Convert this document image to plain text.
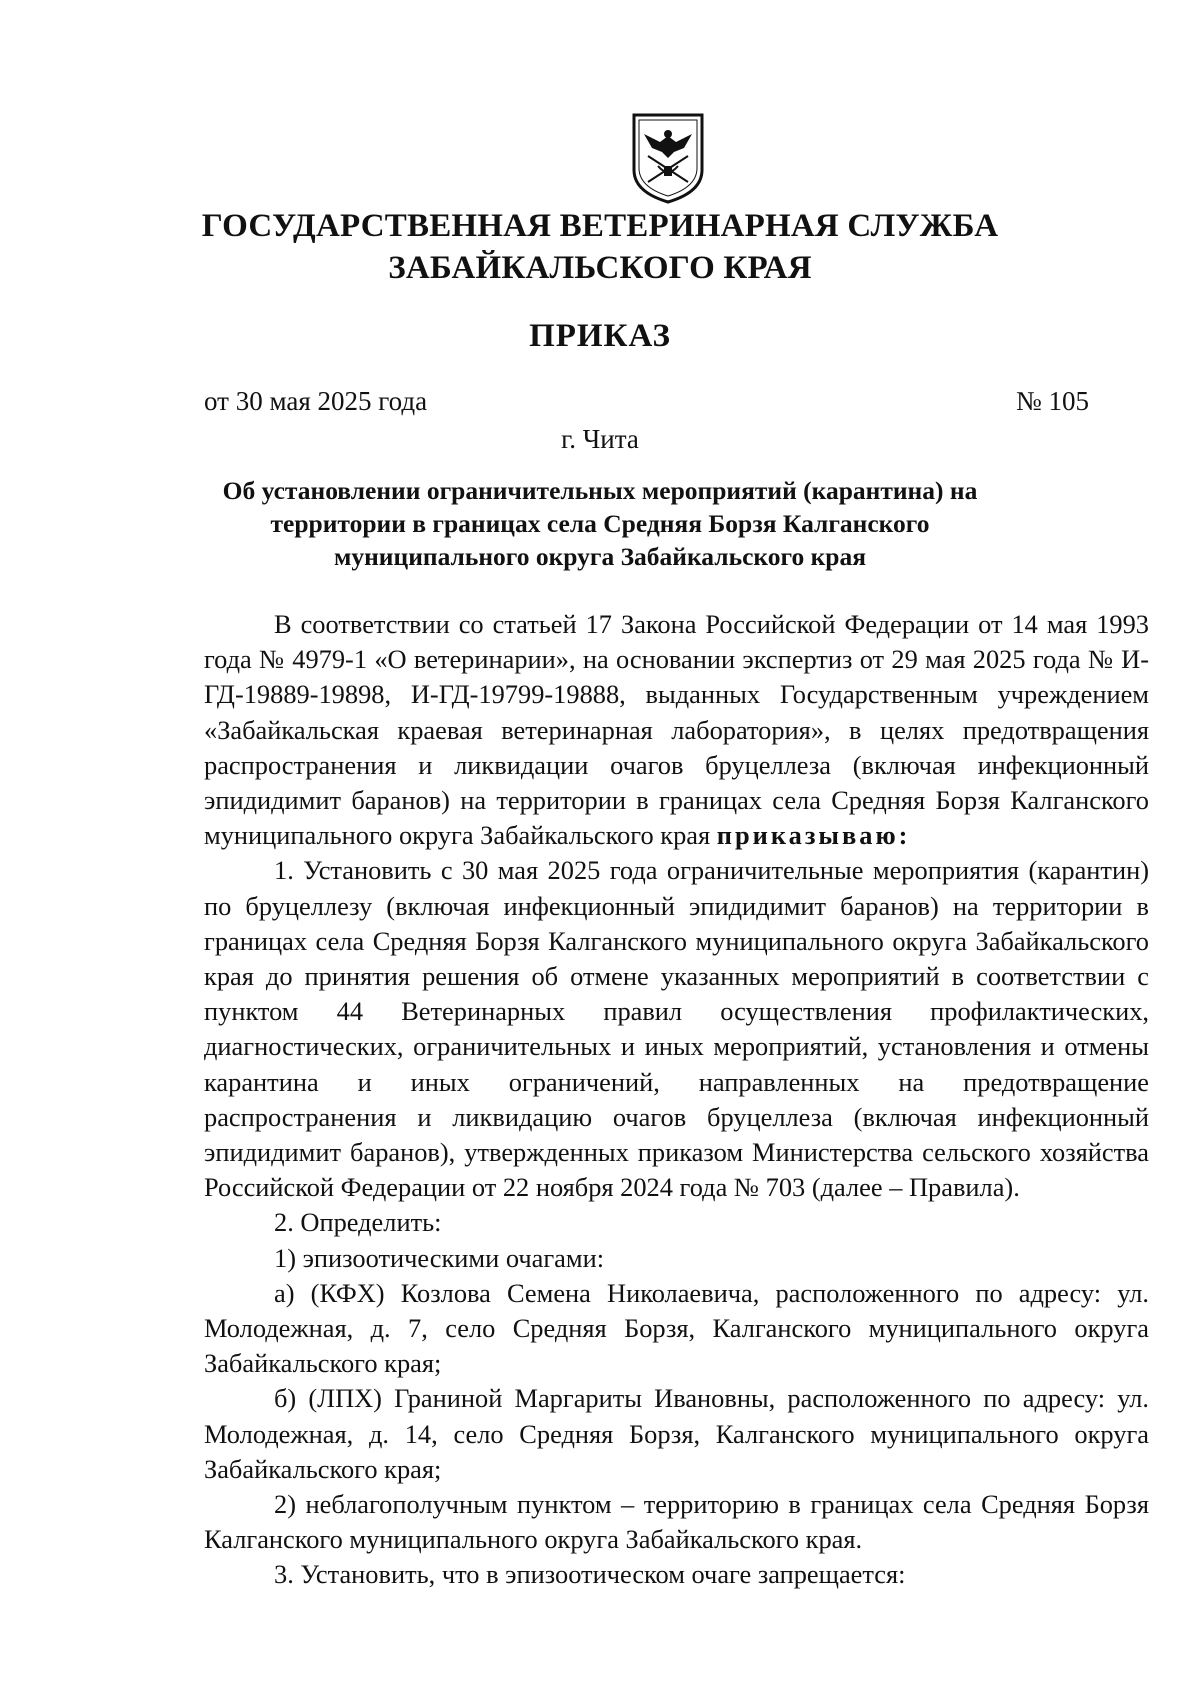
ГОСУДАРСТВЕННАЯ ВЕТЕРИНАРНАЯ СЛУЖБА
ЗАБАЙКАЛЬСКОГО КРАЯ
ПРИКАЗ
от 30 мая 2025 года	№ 105
г. Чита
Об установлении ограничительных мероприятий (карантина) на территории в границах села Средняя Борзя Калганского муниципального округа Забайкальского края

В соответствии со статьей 17 Закона Российской Федерации от 14 мая 1993 года № 4979-1 «О ветеринарии», на основании экспертиз от 29 мая 2025 года № И-ГД-19889-19898, И-ГД-19799-19888, выданных Государственным учреждением «Забайкальская краевая ветеринарная лаборатория», в целях предотвращения распространения и ликвидации очагов бруцеллеза (включая инфекционный эпидидимит баранов) на территории в границах села Средняя Борзя Калганского муниципального округа Забайкальского края приказываю:

1. Установить с 30 мая 2025 года ограничительные мероприятия (карантин) по бруцеллезу (включая инфекционный эпидидимит баранов) на территории в границах села Средняя Борзя Калганского муниципального округа Забайкальского края до принятия решения об отмене указанных мероприятий в соответствии с пунктом 44 Ветеринарных правил осуществления профилактических, диагностических, ограничительных и иных мероприятий, установления и отмены карантина и иных ограничений, направленных на предотвращение распространения и ликвидацию очагов бруцеллеза (включая инфекционный эпидидимит баранов), утвержденных приказом Министерства сельского хозяйства Российской Федерации от 22 ноября 2024 года № 703 (далее – Правила).

2. Определить:

1) эпизоотическими очагами:

а) (КФХ) Козлова Семена Николаевича, расположенного по адресу: ул. Молодежная, д. 7, село Средняя Борзя, Калганского муниципального округа Забайкальского края;

б) (ЛПХ) Граниной Маргариты Ивановны, расположенного по адресу: ул. Молодежная, д. 14, село Средняя Борзя, Калганского муниципального округа Забайкальского края;

2) неблагополучным пунктом – территорию в границах села Средняя Борзя Калганского муниципального округа Забайкальского края.

3. Установить, что в эпизоотическом очаге запрещается:
